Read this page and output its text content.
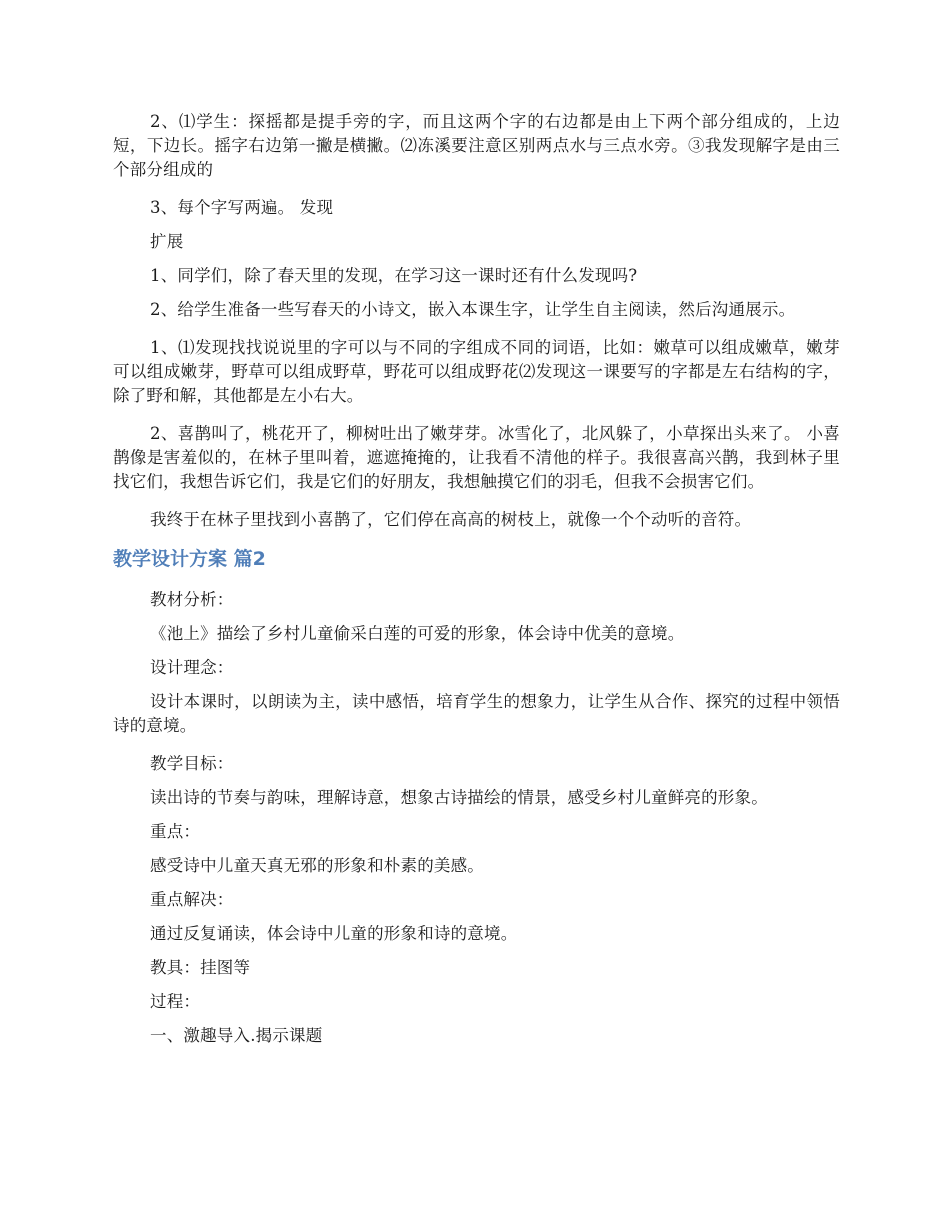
2、⑴学生：探摇都是提手旁的字，而且这两个字的右边都是由上下两个部分组成的，上边短，下边长。摇字右边第一撇是横撇。⑵冻溪要注意区别两点水与三点水旁。③我发现解字是由三个部分组成的

3、每个字写两遍。 发现

扩展

1、同学们，除了春天里的发现，在学习这一课时还有什么发现吗?

2、给学生准备一些写春天的小诗文，嵌入本课生字，让学生自主阅读，然后沟通展示。

1、⑴发现找找说说里的字可以与不同的字组成不同的词语，比如：嫩草可以组成嫩草，嫩芽可以组成嫩芽，野草可以组成野草，野花可以组成野花⑵发现这一课要写的字都是左右结构的字，除了野和解，其他都是左小右大。

2、喜鹊叫了，桃花开了，柳树吐出了嫩芽芽。冰雪化了，北风躲了，小草探出头来了。 小喜鹊像是害羞似的，在林子里叫着，遮遮掩掩的，让我看不清他的样子。我很喜高兴鹊，我到林子里找它们，我想告诉它们，我是它们的好朋友，我想触摸它们的羽毛，但我不会损害它们。

我终于在林子里找到小喜鹊了，它们停在高高的树枝上，就像一个个动听的音符。

教学设计方案 篇2

教材分析：

《池上》描绘了乡村儿童偷采白莲的可爱的形象，体会诗中优美的意境。

设计理念：

设计本课时，以朗读为主，读中感悟，培育学生的想象力，让学生从合作、探究的过程中领悟诗的意境。

教学目标：

读出诗的节奏与韵味，理解诗意，想象古诗描绘的情景，感受乡村儿童鲜亮的形象。

重点：

感受诗中儿童天真无邪的形象和朴素的美感。

重点解决：

通过反复诵读，体会诗中儿童的形象和诗的意境。

教具：挂图等

过程：

一、激趣导入.揭示课题
